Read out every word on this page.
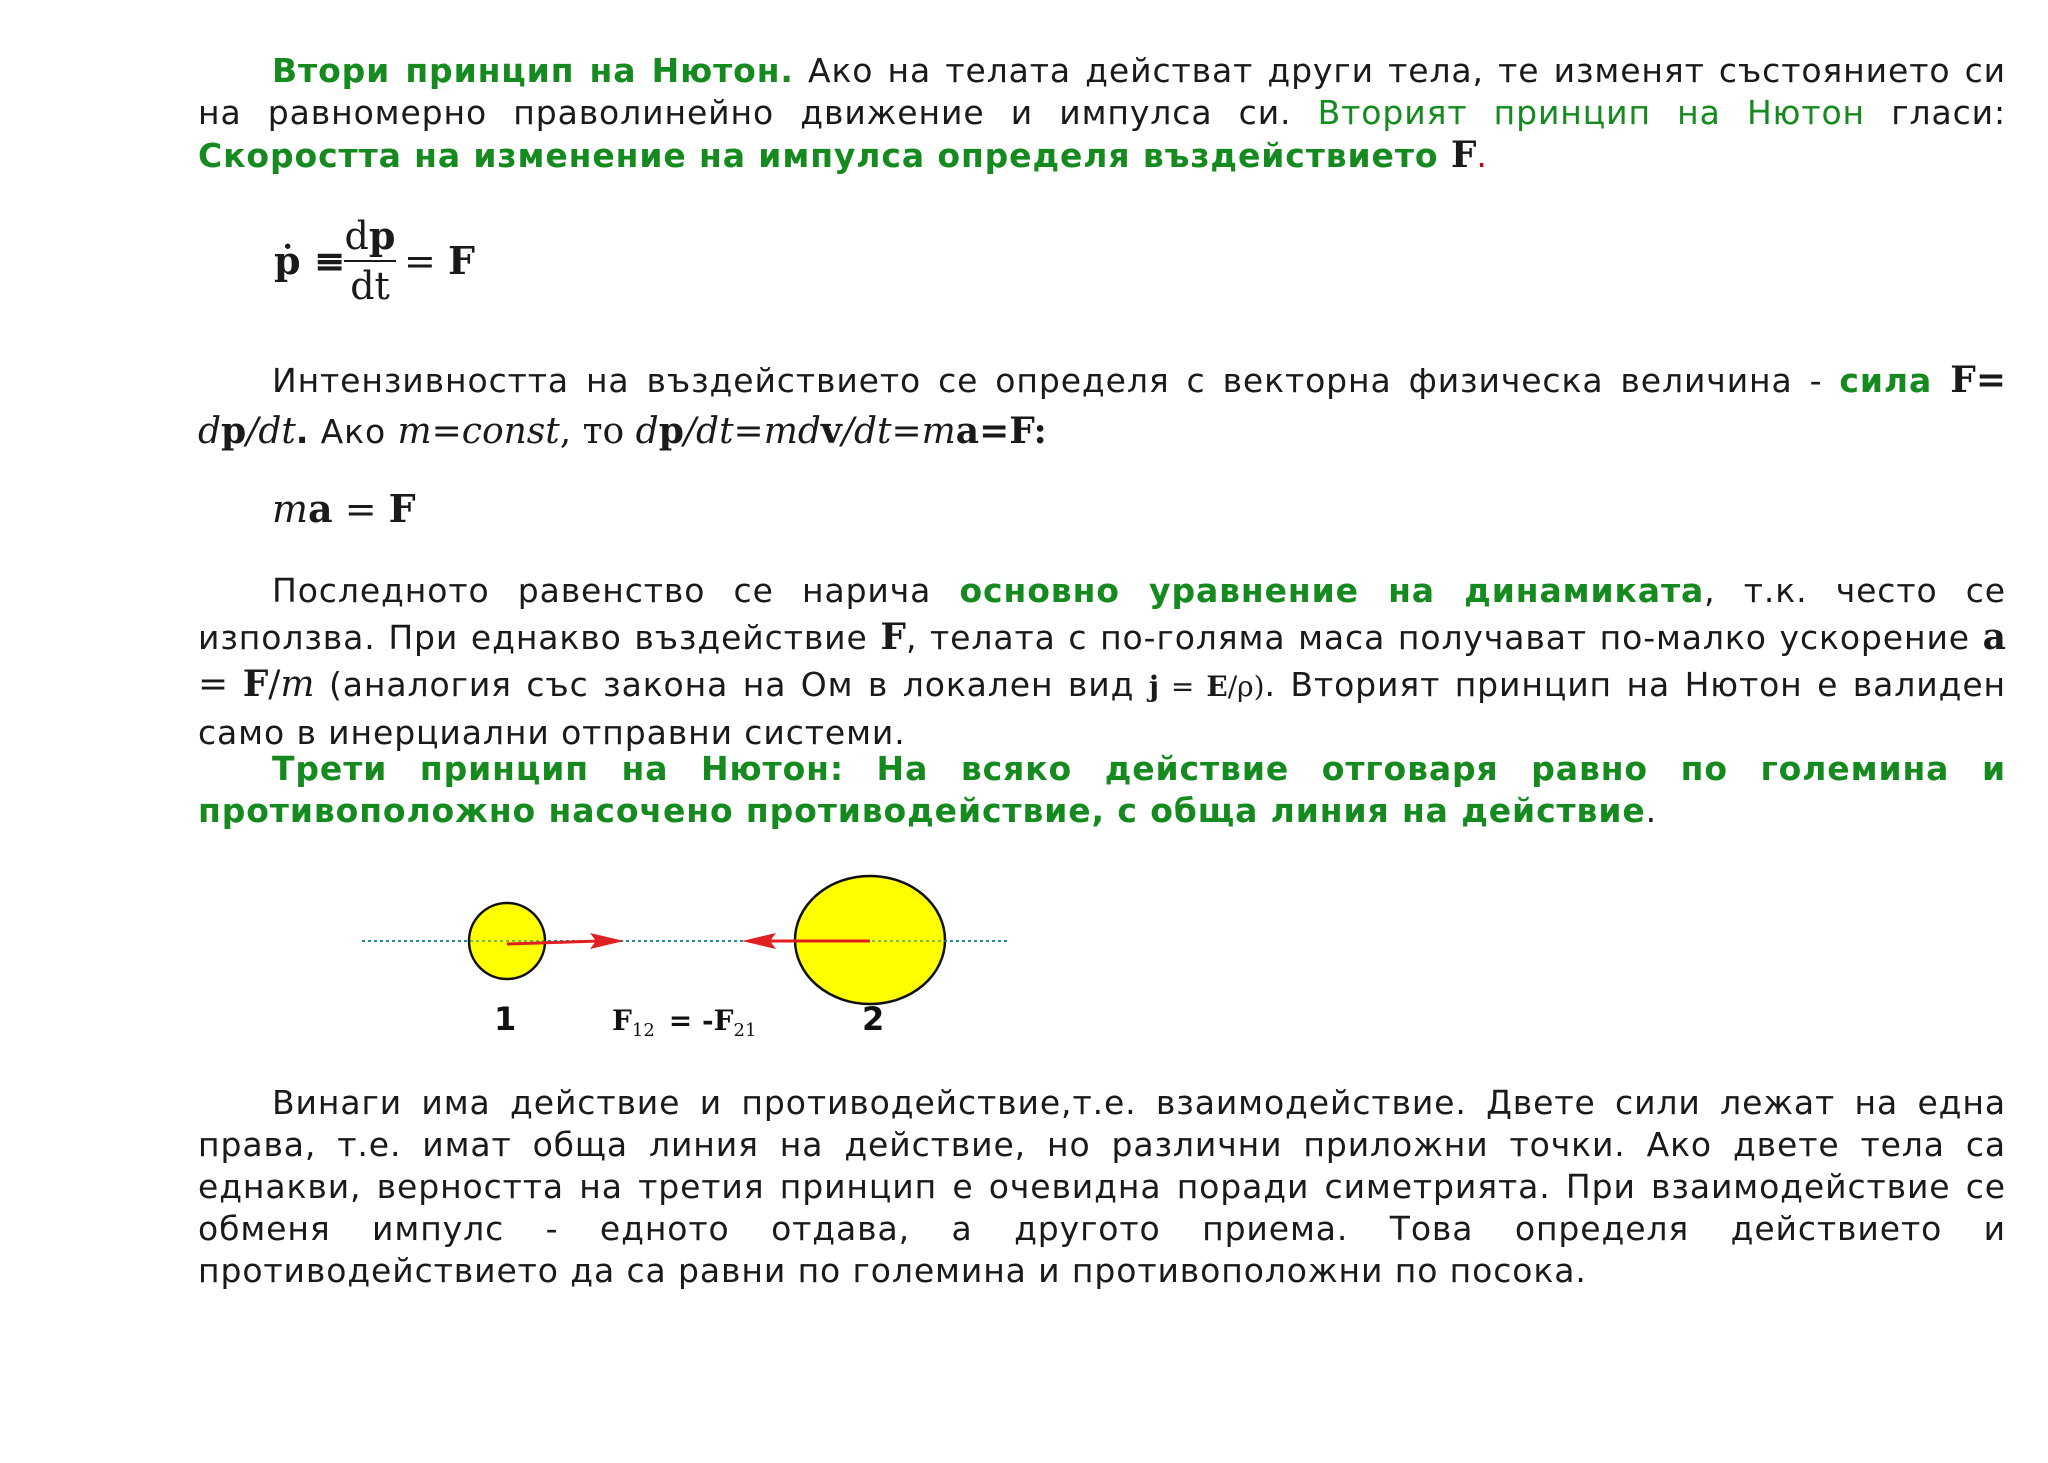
Втори принцип на Нютон. Ако на телата действат други тела, те изменят състоянието си на равномерно праволинейно движение и импулса си. Вторият принцип на Нютон гласи: Скоростта на изменение на импулса определя въздействието F.
ṗ ≡
dp
dt
= F
Интензивността на въздействието се определя с векторна физическа величина - сила F= dp/dt. Ако m=const, то dp/dt=mdv/dt=ma=F:
ma = F
Последното равенство се нарича основно уравнение на динамиката, т.к. често се използва. При еднакво въздействие F, телата с по-голяма маса получават по-малко ускорение a = F/m (аналогия със закона на Ом в локален вид j = E/ρ). Вторият принцип на Нютон е валиден само в инерциални отправни системи.
Трети принцип на Нютон: На всяко действие отговаря равно по големина и противоположно насочено противодействие, с обща линия на действие.
1	2
$F_{12} = -F_{21}$
Винаги има действие и противодействие,т.е. взаимодействие. Двете сили лежат на една права, т.е. имат обща линия на действие, но различни приложни точки. Ако двете тела са еднакви, верността на третия принцип е очевидна поради симетрията. При взаимодействие се обменя импулс - едното отдава, а другото приема. Това определя действието и противодействието да са равни по големина и противоположни по посока.
